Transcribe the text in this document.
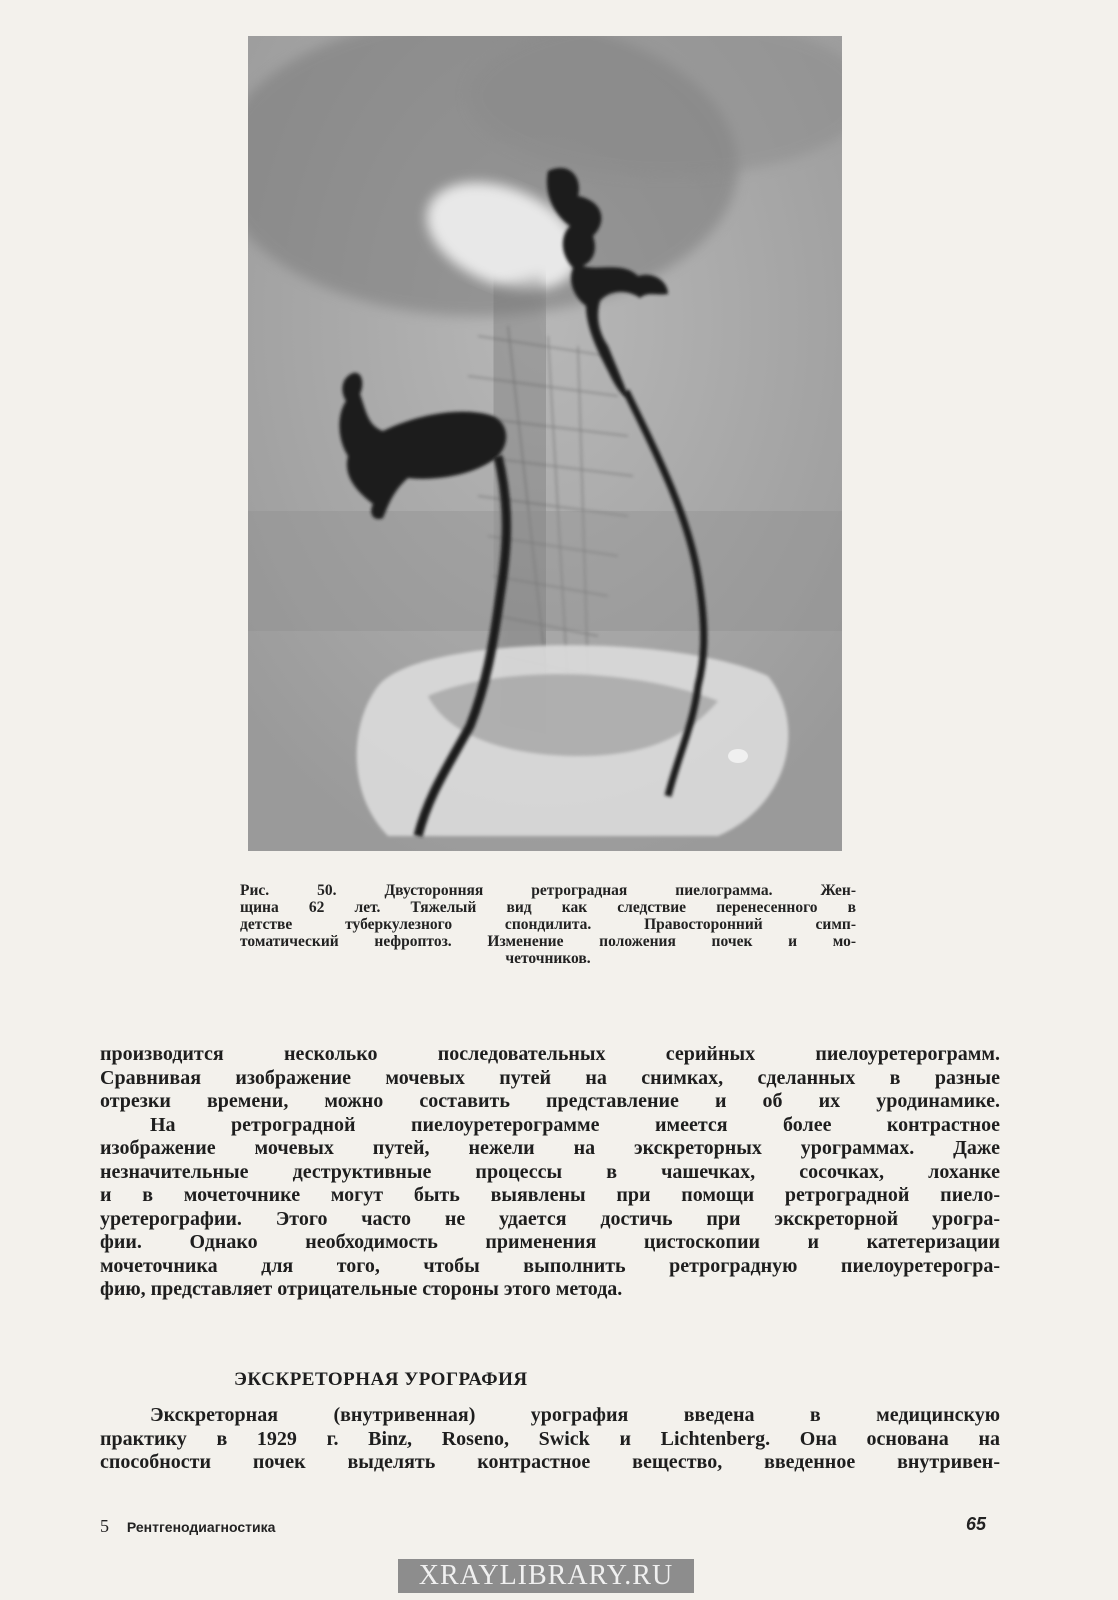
Рис. 50. Двусторонняя ретроградная пиелограмма. Жен-
щина 62 лет. Тяжелый вид как следствие перенесенного в
детстве туберкулезного спондилита. Правосторонний симп-
томатический нефроптоз. Изменение положения почек и мо-
четочников.
производится несколько последовательных серийных пиелоуретерограмм.
Сравнивая изображение мочевых путей на снимках, сделанных в разные
отрезки времени, можно составить представление и об их уродинамике.
На ретроградной пиелоуретерограмме имеется более контрастное
изображение мочевых путей, нежели на экскреторных урограммах. Даже
незначительные деструктивные процессы в чашечках, сосочках, лоханке
и в мочеточнике могут быть выявлены при помощи ретроградной пиело-
уретерографии. Этого часто не удается достичь при экскреторной урогра-
фии. Однако необходимость применения цистоскопии и катетеризации
мочеточника для того, чтобы выполнить ретроградную пиелоуретерогра-
фию, представляет отрицательные стороны этого метода.
ЭКСКРЕТОРНАЯ УРОГРАФИЯ
Экскреторная (внутривенная) урография введена в медицинскую
практику в 1929 г. Binz, Roseno, Swick и Lichtenberg. Она основана на
способности почек выделять контрастное вещество, введенное внутривен-
5 Рентгенодиагностика	65
XRAYLIBRARY.RU
